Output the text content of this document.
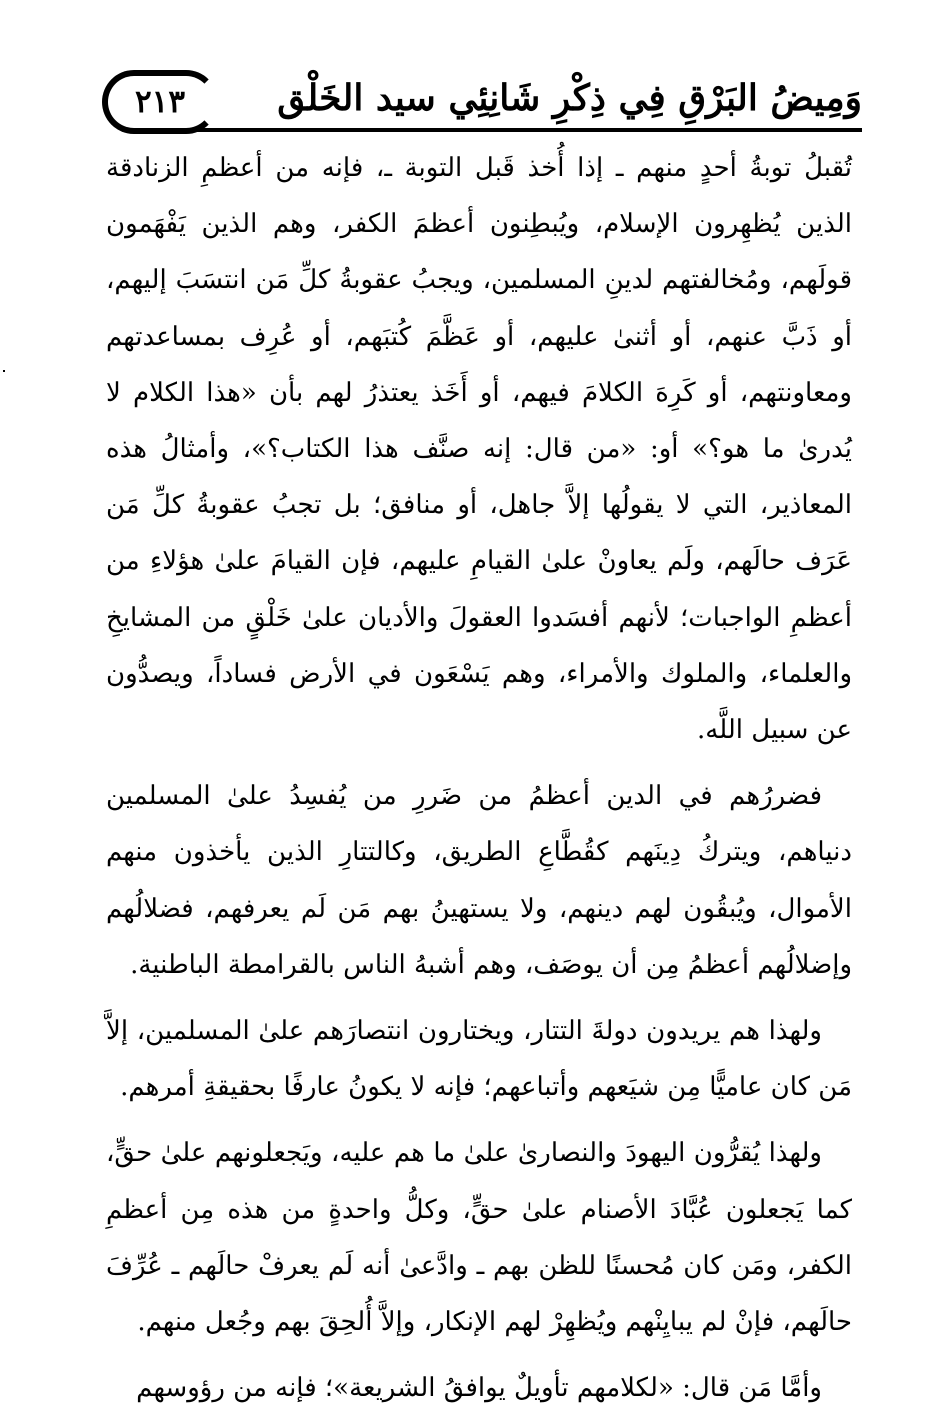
وَمِيضُ البَرْقِ فِي ذِكْرِ شَانِئِي سيد الخَلْق
٢١٣

تُقبلُ توبةُ أحدٍ منهم ـ إذا أُخذ قَبل التوبة ـ، فإنه من أعظمِ الزنادقة الذين يُظهِرون الإسلام، ويُبطِنون أعظمَ الكفر، وهم الذين يَفْهَمون قولَهم، ومُخالفتهم لدينِ المسلمين، ويجبُ عقوبةُ كلِّ مَن انتسَبَ إليهم، أو ذَبَّ عنهم، أو أثنىٰ عليهم، أو عَظَّمَ كُتبَهم، أو عُرِف بمساعدتهم ومعاونتهم، أو كَرِهَ الكلامَ فيهم، أو أَخَذ يعتذرُ لهم بأن «هذا الكلام لا يُدرىٰ ما هو؟» أو: «من قال: إنه صنَّف هذا الكتاب؟»، وأمثالُ هذه المعاذير، التي لا يقولُها إلاَّ جاهل، أو منافق؛ بل تجبُ عقوبةُ كلِّ مَن عَرَف حالَهم، ولَم يعاونْ علىٰ القيامِ عليهم، فإن القيامَ علىٰ هؤلاءِ من أعظمِ الواجبات؛ لأنهم أفسَدوا العقولَ والأديان علىٰ خَلْقٍ من المشايخِ والعلماء، والملوك والأمراء، وهم يَسْعَون في الأرض فساداً، ويصدُّون عن سبيل اللَّه.

فضررُهم في الدين أعظمُ من ضَررِ من يُفسِدُ علىٰ المسلمين دنياهم، ويتركُ دِينَهم كقُطَّاعِ الطريق، وكالتتارِ الذين يأخذون منهم الأموال، ويُبقُون لهم دينهم، ولا يستهينُ بهم مَن لَم يعرفهم، فضلالُهم وإضلالُهم أعظمُ مِن أن يوصَف، وهم أشبهُ الناس بالقرامطة الباطنية.

ولهذا هم يريدون دولةَ التتار، ويختارون انتصارَهم علىٰ المسلمين، إلاَّ مَن كان عاميًّا مِن شيَعهم وأتباعهم؛ فإنه لا يكونُ عارفًا بحقيقةِ أمرهم.

ولهذا يُقرُّون اليهودَ والنصارىٰ علىٰ ما هم عليه، ويَجعلونهم علىٰ حقٍّ، كما يَجعلون عُبَّادَ الأصنام علىٰ حقٍّ، وكلُّ واحدةٍ من هذه مِن أعظمِ الكفر، ومَن كان مُحسنًا للظن بهم ـ وادَّعىٰ أنه لَم يعرفْ حالَهم ـ عُرِّفَ حالَهم، فإنْ لم يبايِنْهم ويُظهِرْ لهم الإنكار، وإلاَّ أُلحِقَ بهم وجُعل منهم.

وأمَّا مَن قال: «لكلامهم تأويلٌ يوافقُ الشريعة»؛ فإنه من رؤوسهم
